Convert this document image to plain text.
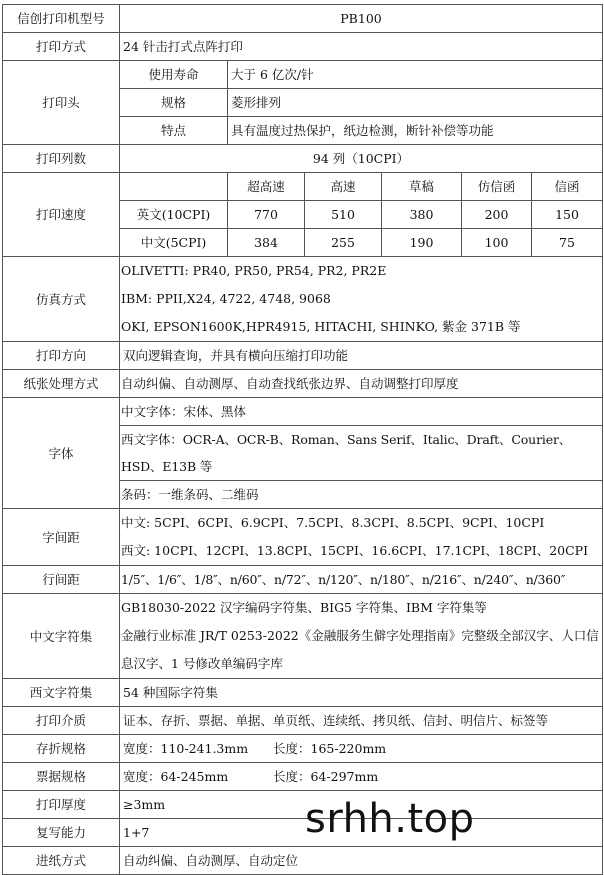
信创打印机型号	PB100					
打印方式	24 针击打式点阵打印					
打印头	使用寿命	大于 6 亿次/针				
	规格	菱形排列				
	特点	具有温度过热保护，纸边检测，断针补偿等功能				
打印列数	94 列（10CPI）					
打印速度		超高速	高速	草稿	仿信函	信函
	英文(10CPI)	770	510	380	200	150
	中文(5CPI)	384	255	190	100	75
仿真方式	OLIVETTI: PR40, PR50, PR54, PR2, PR2E
IBM: PPII,X24, 4722, 4748, 9068
OKI, EPSON1600K,HPR4915, HITACHI, SHINKO, 紫金 371B 等					

打印方向	双向逻辑查询，并具有横向压缩打印功能					
纸张处理方式	自动纠偏、自动测厚、自动查找纸张边界、自动调整打印厚度					
字体	中文字体：宋体、黑体
西文字体：OCR-A、OCR-B、Roman、Sans Serif、Italic、Draft、Courier、HSD、E13B 等
条码：一维条码、二维码					

字间距	中文: 5CPI、6CPI、6.9CPI、7.5CPI、8.3CPI、8.5CPI、9CPI、10CPI
西文: 10CPI、12CPI、13.8CPI、15CPI、16.6CPI、17.1CPI、18CPI、20CPI					

行间距	1/5″、1/6″、1/8″、n/60″、n/72″、n/120″、n/180″、n/216″、n/240″、n/360″					
中文字符集	GB18030-2022 汉字编码字符集、BIG5 字符集、IBM 字符集等
金融行业标准 JR/T 0253-2022《金融服务生僻字处理指南》完整级全部汉字、人口信息汉字、1 号修改单编码字库					

西文字符集	54 种国际字符集					
打印介质	证本、存折、票据、单据、单页纸、连续纸、拷贝纸、信封、明信片、标签等					
存折规格	宽度：110-241.3mm 长度：165-220mm					
票据规格	宽度：64-245mm 长度：64-297mm					
打印厚度	≥3mm					
复写能力	1+7					
进纸方式	自动纠偏、自动测厚、自动定位					
srhh.top
